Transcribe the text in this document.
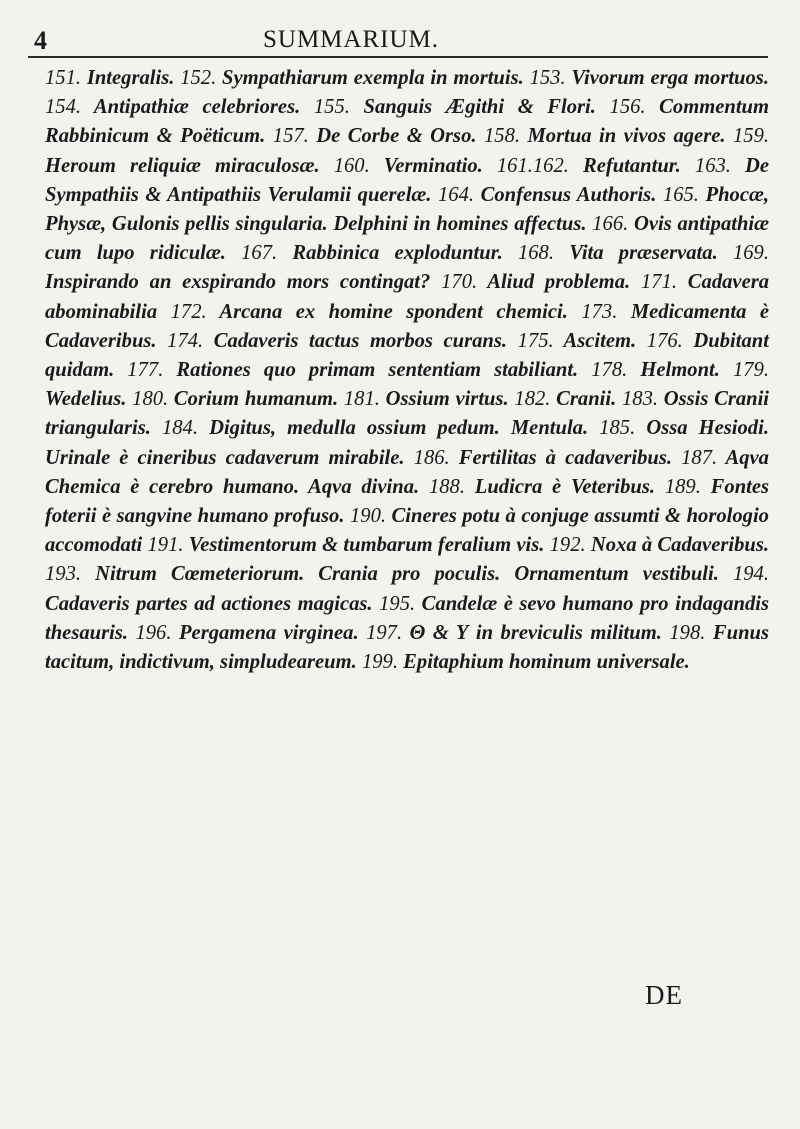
4	SUMMARIUM.
151. Integralis. 152. Sympathiarum exempla in mortuis. 153. Vivorum erga mortuos. 154. Antipathiæ celebriores. 155. Sanguis Ægithi & Flori. 156. Commentum Rabbinicum & Poëticum. 157. De Corbe & Orso. 158. Mortua in vivos agere. 159. Heroum reliquiæ miraculosæ. 160. Verminatio. 161.162. Refutantur. 163. De Sympathiis & Antipathiis Verulamii querelæ. 164. Confensus Authoris. 165. Phocæ, Physæ, Gulonis pellis singularia. Delphini in homines affectus. 166. Ovis antipathiæ cum lupo ridiculæ. 167. Rabbinica exploduntur. 168. Vita præservata. 169. Inspirando an exspirando mors contingat? 170. Aliud problema. 171. Cadavera abominabilia 172. Arcana ex homine spondent chemici. 173. Medicamenta è Cadaveribus. 174. Cadaveris tactus morbos curans. 175. Ascitem. 176. Dubitant quidam. 177. Rationes quo primam sententiam stabiliant. 178. Helmont. 179. Wedelius. 180. Corium humanum. 181. Ossium virtus. 182. Cranii. 183. Ossis Cranii triangularis. 184. Digitus, medulla ossium pedum. Mentula. 185. Ossa Hesiodi. Urinale è cineribus cadaverum mirabile. 186. Fertilitas à cadaveribus. 187. Aqva Chemica è cerebro humano. Aqva divina. 188. Ludicra è Veteribus. 189. Fontes foterii è sangvine humano profuso. 190. Cineres potu à conjuge assumti & horologio accomodati 191. Vestimentorum & tumbarum feralium vis. 192. Noxa à Cadaveribus. 193. Nitrum Cœmeteriorum. Crania pro poculis. Ornamentum vestibuli. 194. Cadaveris partes ad actiones magicas. 195. Candelæ è sevo humano pro indagandis thesauris. 196. Pergamena virginea. 197. Θ & Υ in breviculis militum. 198. Funus tacitum, indictivum, simpludeareum. 199. Epitaphium hominum universale.
DE
